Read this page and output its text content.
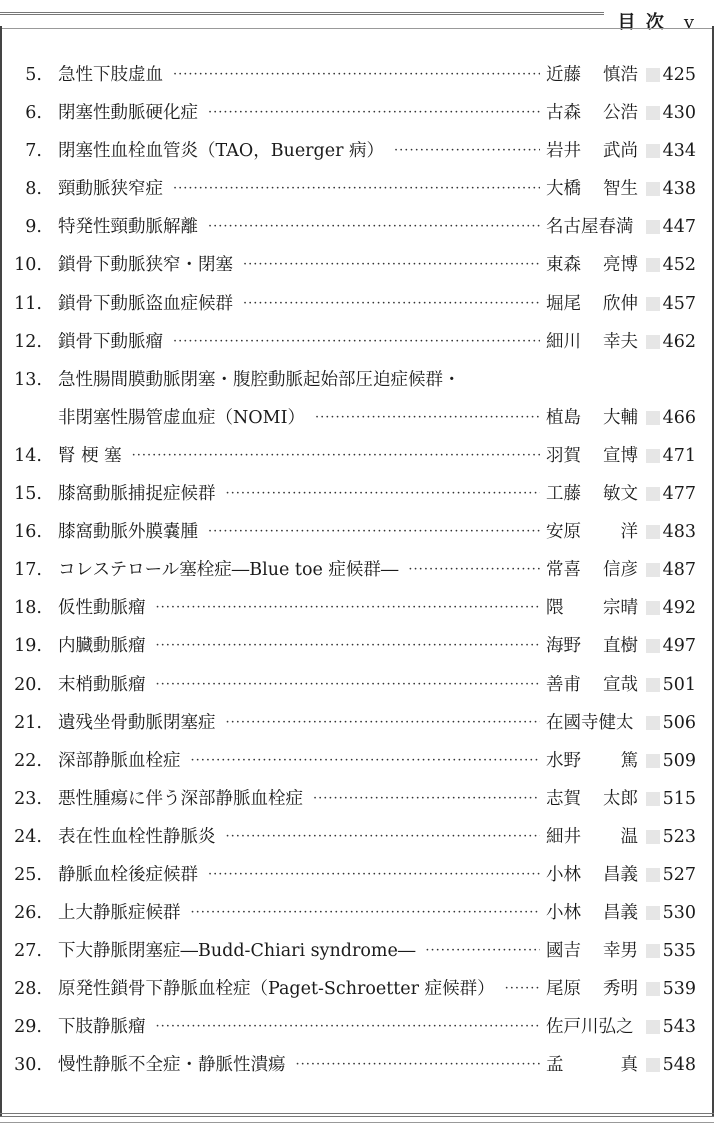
目 次 v
5. 急性下肢虚血 ·····	近藤 慎浩 425
6. 閉塞性動脈硬化症 ·····	古森 公浩 430
7. 閉塞性血栓血管炎（TAO，Buerger 病） ·····	岩井 武尚 434
8. 頸動脈狭窄症 ·····	大橋 智生 438
9. 特発性頸動脈解離 ·····	名古屋春満 447
10. 鎖骨下動脈狭窄・閉塞 ·····	東森 亮博 452
11. 鎖骨下動脈盗血症候群 ·····	堀尾 欣伸 457
12. 鎖骨下動脈瘤 ·····	細川 幸夫 462
13. 急性腸間膜動脈閉塞・腹腔動脈起始部圧迫症候群・
非閉塞性腸管虚血症（NOMI） ·····	植島 大輔 466
14. 腎 梗 塞 ·····	羽賀 宣博 471
15. 膝窩動脈捕捉症候群 ·····	工藤 敏文 477
16. 膝窩動脈外膜嚢腫 ·····	安原 洋 483
17. コレステロール塞栓症―Blue toe 症候群― ·····	常喜 信彦 487
18. 仮性動脈瘤 ·····	隈 宗晴 492
19. 内臓動脈瘤 ·····	海野 直樹 497
20. 末梢動脈瘤 ·····	善甫 宣哉 501
21. 遺残坐骨動脈閉塞症 ·····	在國寺健太 506
22. 深部静脈血栓症 ·····	水野 篤 509
23. 悪性腫瘍に伴う深部静脈血栓症 ·····	志賀 太郎 515
24. 表在性血栓性静脈炎 ·····	細井 温 523
25. 静脈血栓後症候群 ·····	小林 昌義 527
26. 上大静脈症候群 ·····	小林 昌義 530
27. 下大静脈閉塞症―Budd-Chiari syndrome― ·····	國吉 幸男 535
28. 原発性鎖骨下静脈血栓症（Paget-Schroetter 症候群） ·····	尾原 秀明 539
29. 下肢静脈瘤 ·····	佐戸川弘之 543
30. 慢性静脈不全症・静脈性潰瘍 ·····	孟	真 548
